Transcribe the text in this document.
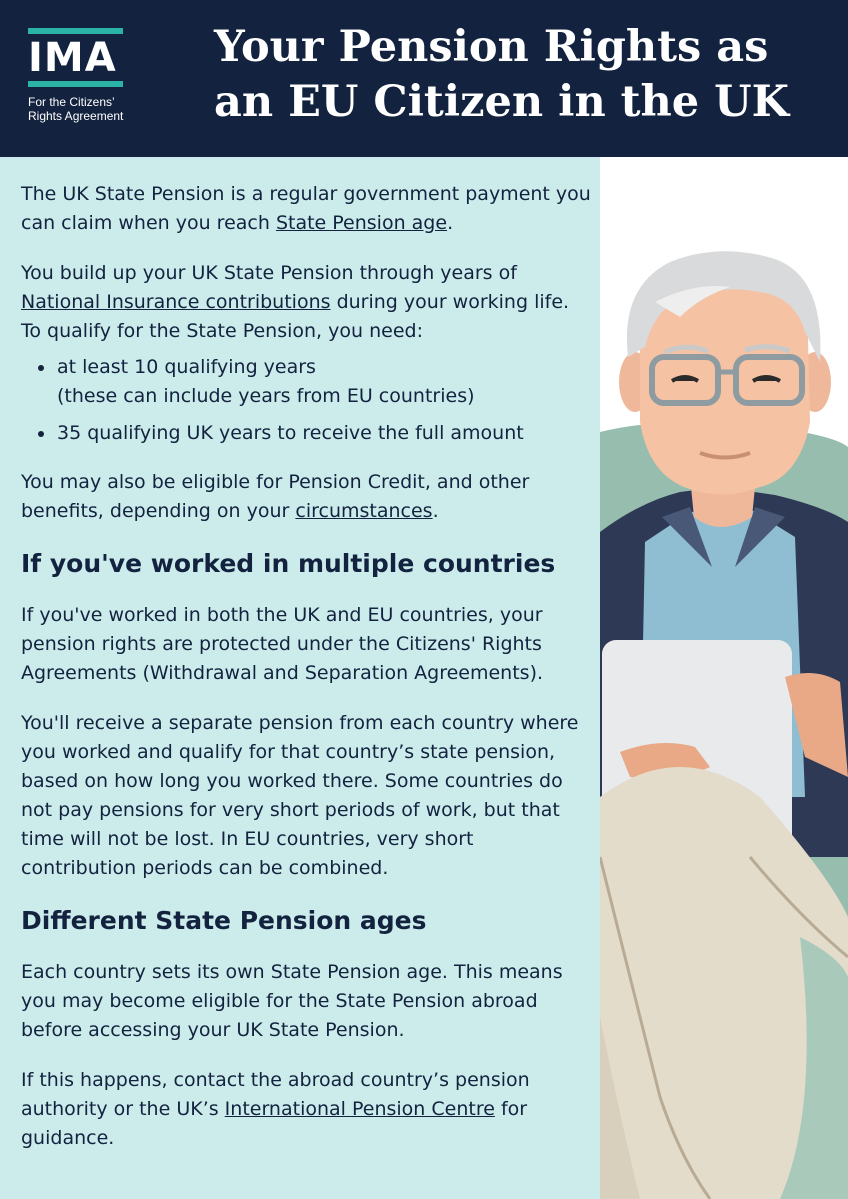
IMA
For the Citizens’
Rights Agreement
Your Pension Rights as
an EU Citizen in the UK

The UK State Pension is a regular government payment you can claim when you reach State Pension age.

You build up your UK State Pension through years of National Insurance contributions during your working life. To qualify for the State Pension, you need:

at least 10 qualifying years
(these can include years from EU countries)
35 qualifying UK years to receive the full amount

You may also be eligible for Pension Credit, and other benefits, depending on your circumstances.

If you've worked in multiple countries

If you've worked in both the UK and EU countries, your pension rights are protected under the Citizens' Rights Agreements (Withdrawal and Separation Agreements).

You'll receive a separate pension from each country where you worked and qualify for that country’s state pension, based on how long you worked there. Some countries do not pay pensions for very short periods of work, but that time will not be lost. In EU countries, very short contribution periods can be combined.

Different State Pension ages

Each country sets its own State Pension age. This means you may become eligible for the State Pension abroad before accessing your UK State Pension.

If this happens, contact the abroad country’s pension authority or the UK’s International Pension Centre for guidance.
